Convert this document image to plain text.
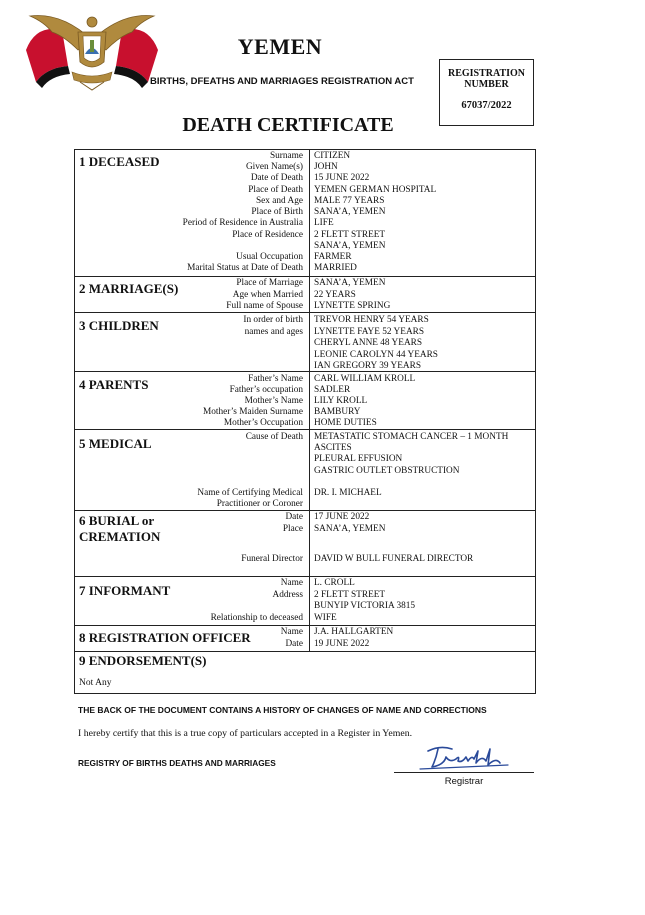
YEMEN
BIRTHS, DFEATHS AND MARRIAGES REGISTRATION ACT
REGISTRATION
NUMBER
67037/2022
DEATH CERTIFICATE
1 DECEASED	Surname CITIZEN
Given Name(s) JOHN
Date of Death 15 JUNE 2022
Place of Death YEMEN GERMAN HOSPITAL
Sex and Age MALE 77 YEARS
Place of Birth SANA’A, YEMEN
Period of Residence in Australia LIFE
Place of Residence 2 FLETT STREET
SANA’A, YEMEN
Usual Occupation FARMER
Marital Status at Date of Death MARRIED
2 MARRIAGE(S)	Place of Marriage SANA’A, YEMEN
Age when Married 22 YEARS
Full name of Spouse LYNETTE SPRING
3 CHILDREN	In order of birth
names and ages
TREVOR HENRY 54 YEARS
LYNETTE FAYE 52 YEARS
CHERYL ANNE 48 YEARS
LEONIE CAROLYN 44 YEARS
IAN GREGORY 39 YEARS
4 PARENTS	Father’s Name CARL WILLIAM KROLL
Father’s occupation SADLER
Mother’s Name LILY KROLL
Mother’s Maiden Surname BAMBURY
Mother’s Occupation HOME DUTIES
5 MEDICAL	Cause of Death METASTATIC STOMACH CANCER – 1 MONTH
ASCITES
PLEURAL EFFUSION
GASTRIC OUTLET OBSTRUCTION
Name of Certifying Medical
Practitioner or Coroner
DR. I. MICHAEL
6 BURIAL or
CREMATION
Date 17 JUNE 2022
Place SANA’A, YEMEN
Funeral Director DAVID W BULL FUNERAL DIRECTOR
7 INFORMANT	Name L. CROLL
Address 2 FLETT STREET
BUNYIP VICTORIA 3815
Relationship to deceased WIFE
8 REGISTRATION OFFICER	Name J.A. HALLGARTEN
Date 19 JUNE 2022
9 ENDORSEMENT(S)
Not Any
THE BACK OF THE DOCUMENT CONTAINS A HISTORY OF CHANGES OF NAME AND CORRECTIONS
I hereby certify that this is a true copy of particulars accepted in a Register in Yemen.
REGISTRY OF BIRTHS DEATHS AND MARRIAGES
Registrar
